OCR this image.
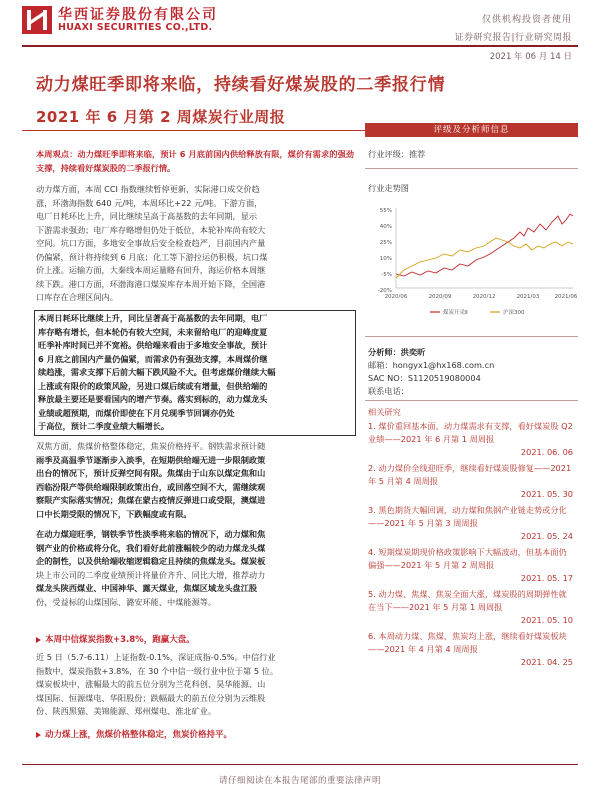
华西证券股份有限公司
HUAXI SECURITIES CO.,LTD.
仅供机构投资者使用
证券研究报告|行业研究周报
2021 年 06 月 14 日
动力煤旺季即将来临，持续看好煤炭股的二季报行情
2021 年 6 月第 2 周煤炭行业周报
本周观点：动力煤旺季即将来临，预计 6 月底前国内供给释放有限，煤价有需求的强劲支撑，持续看好煤炭股的二季报行情。
动力煤方面，本周 CCI 指数继续暂停更新，实际港口成交价趋
涨，环渤海指数 640 元/吨，本周环比+22 元/吨。下游方面，
电厂日耗环比上升，同比继续呈高于高基数的去年同期，显示
下游需求强劲；电厂库存略增但仍处于低位，本轮补库尚有较大
空间。坑口方面，多地安全事故后安全检查趋严，目前国内产量
仍偏紧，预计将持续到 6 月底；化工等下游拉运仍积极，坑口煤
价上涨。运输方面，大秦线本周运量略有回升，海运价格本周继
续下跌。港口方面，环渤海港口煤炭库存本周开始下降，全国港
口库存在合理区间内。
本周日耗环比继续上升，同比呈著高于高基数的去年同期，电厂
库存略有增长，但本轮仍有较大空间，未来留给电厂的迎峰度夏
旺季补库时间已并不宽裕。供给端来看由于多地安全事故，预计
6 月底之前国内产量仍偏紧，而需求仍有强劲支撑，本周煤价继
续趋涨，需求支撑下后前大幅下跌风险不大。但考虑煤价继续大幅
上涨或有限价的政策风险，另进口煤后续或有增量，但供给端的
释放最主要还是要看国内的增产节奏。落实到标的，动力煤龙头
业绩或超预期，而煤价即使在下月兑现季节回调亦仍处
于高位，预计二季度业绩大幅增长。
双焦方面，焦煤价格整体稳定，焦炭价格持平。钢铁需求预计随
雨季及高温季节逐渐步入淡季，在短期供给端无进一步限制政策
出台的情况下，预计反弹空间有限。焦煤由于山东以煤定焦和山
西临汾限产等供给端限制政策出台，或回落空间不大，需继续观
察限产实际落实情况；焦煤在蒙古疫情反弹进口或受限，澳煤进
口中长期受限的情况下，下跌幅度或有限。
在动力煤迎旺季，钢铁季节性淡季将来临的情况下，动力煤和焦
钢产业的价格或将分化，我们看好此前涨幅较少的动力煤龙头煤
企的制性，以及供给端收缩逻辑稳定且持续的焦煤龙头。煤炭板
块上市公司的二季度业绩预计将量价齐升、同比大增，推荐动力
煤龙头陕西煤业、中国神华、露天煤业，焦煤区域龙头盘江股
份，受益标的山煤国际、潞安环能、中煤能源等。
本周中信煤炭指数+3.8%，跑赢大盘。
近 5 日（5.7-6.11）上证指数-0.1%，深证成指-0.5%。中信行业
指数中，煤炭指数+3.8%，在 30 个中信一级行业中位于第 5 位。
煤炭板块中，涨幅最大的前五位分别为兰花科创、昊华能源、山
煤国际、恒源煤电、华阳股份；跌幅最大的前五位分别为云维股
份、陕西黑猫、美锦能源、郑州煤电、淮北矿业。
动力煤上涨，焦煤价格整体稳定，焦炭价格持平。
评级及分析师信息
行业评级：推荐
行业走势图
55%
40%
25%
10%
-5%
-20%
2020/06	2020/09	2020/12	2021/03	2021/06
煤炭开采Ⅱ	沪深300
分析师：洪奕昕
邮箱：hongyx1@hx168.com.cn
SAC NO：S1120519080004
联系电话：
相关研究
1. 煤价重回基本面，动力煤需求有支撑，看好煤炭股 Q2 业绩——2021 年 6 月第 1 周周报
2021. 06. 06
2. 动力煤价全线迎旺季，继续看好煤炭股修复——2021 年 5 月第 4 周周报
2021. 05. 30
3. 黑色期货大幅回调，动力煤和焦钢产业链走势或分化——2021 年 5 月第 3 周周报
2021. 05. 24
4. 短期煤炭期现价格政策影响下大幅波动，但基本面仍偏强——2021 年 5 月第 2 周周报
2021. 05. 17
5. 动力煤、焦煤、焦炭全面大涨，煤炭股的周期弹性就在当下——2021 年 5 月第 1 周周报
2021. 05. 10
6. 本周动力煤、焦煤、焦炭均上涨，继续看好煤炭板块——2021 年 4 月第 4 周周报
2021. 04. 25
请仔细阅读在本报告尾部的重要法律声明
